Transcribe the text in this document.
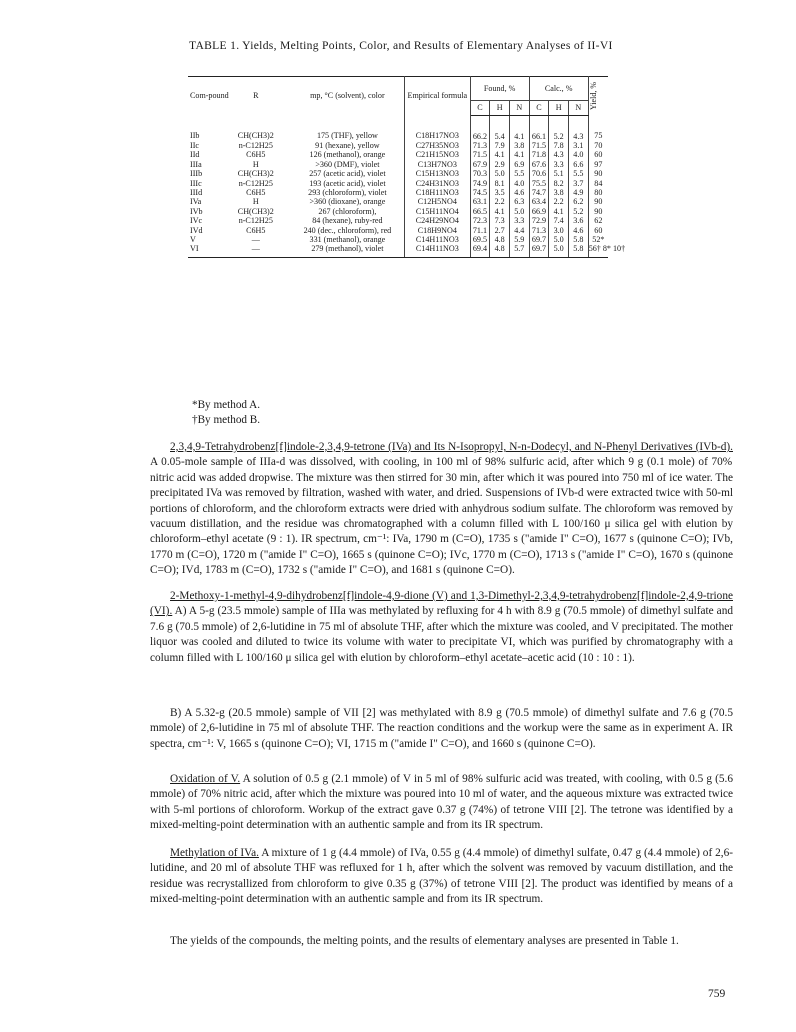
TABLE 1. Yields, Melting Points, Color, and Results of Elementary Analyses of II-VI
Com-pound	R	mp, °C (solvent), color	Empirical formula	Found, %			Calc., %			Yield, %

				C	H	N	C	H	N	
IIb	CH(CH3)2	175 (THF), yellow	C18H17NO3	66.2	5.4	4.1	66.1	5.2	4.3	75
IIc	n-C12H25	91 (hexane), yellow	C27H35NO3	71.3	7.9	3.8	71.5	7.8	3.1	70
IId	C6H5	126 (methanol), orange	C21H15NO3	71.5	4.1	4.1	71.8	4.3	4.0	60
IIIa	H	>360 (DMF), violet	C13H7NO3	67.9	2.9	6.9	67.6	3.3	6.6	97
IIIb	CH(CH3)2	257 (acetic acid), violet	C15H13NO3	70.3	5.0	5.5	70.6	5.1	5.5	90
IIIc	n-C12H25	193 (acetic acid), violet	C24H31NO3	74.9	8.1	4.0	75.5	8.2	3.7	84
IIId	C6H5	293 (chloroform), violet	C18H11NO3	74.5	3.5	4.6	74.7	3.8	4.9	80
IVa	H	>360 (dioxane), orange	C12H5NO4	63.1	2.2	6.3	63.4	2.2	6.2	90
IVb	CH(CH3)2	267 (chloroform),	C15H11NO4	66.5	4.1	5.0	66.9	4.1	5.2	90
IVc	n-C12H25	84 (hexane), ruby-red	C24H29NO4	72.3	7.3	3.3	72.9	7.4	3.6	62
IVd	C6H5	240 (dec., chloroform), red	C18H9NO4	71.1	2.7	4.4	71.3	3.0	4.6	60
V	—	331 (methanol), orange	C14H11NO3	69.5	4.8	5.9	69.7	5.0	5.8	52*
VI	—	279 (methanol), violet	C14H11NO3	69.4	4.8	5.7	69.7	5.0	5.8	56† 8* 10†
*By method A.
†By method B.

2,3,4,9-Tetrahydrobenz[f]indole-2,3,4,9-tetrone (IVa) and Its N-Isopropyl, N-n-Dodecyl, and N-Phenyl Derivatives (IVb-d). A 0.05-mole sample of IIIa-d was dissolved, with cooling, in 100 ml of 98% sulfuric acid, after which 9 g (0.1 mole) of 70% nitric acid was added dropwise. The mixture was then stirred for 30 min, after which it was poured into 750 ml of ice water. The precipitated IVa was removed by filtration, washed with water, and dried. Suspensions of IVb-d were extracted twice with 50-ml portions of chloroform, and the chloroform extracts were dried with anhydrous sodium sulfate. The chloroform was removed by vacuum distillation, and the residue was chromatographed with a column filled with L 100/160 μ silica gel with elution by chloroform–ethyl acetate (9 : 1). IR spectrum, cm⁻¹: IVa, 1790 m (C=O), 1735 s ("amide I" C=O), 1677 s (quinone C=O); IVb, 1770 m (C=O), 1720 m ("amide I" C=O), 1665 s (quinone C=O); IVc, 1770 m (C=O), 1713 s ("amide I" C=O), 1670 s (quinone C=O); IVd, 1783 m (C=O), 1732 s ("amide I" C=O), and 1681 s (quinone C=O).

2-Methoxy-1-methyl-4,9-dihydrobenz[f]indole-4,9-dione (V) and 1,3-Dimethyl-2,3,4,9-tetrahydrobenz[f]indole-2,4,9-trione (VI). A) A 5-g (23.5 mmole) sample of IIIa was methylated by refluxing for 4 h with 8.9 g (70.5 mmole) of dimethyl sulfate and 7.6 g (70.5 mmole) of 2,6-lutidine in 75 ml of absolute THF, after which the mixture was cooled, and V precipitated. The mother liquor was cooled and diluted to twice its volume with water to precipitate VI, which was purified by chromatography with a column filled with L 100/160 μ silica gel with elution by chloroform–ethyl acetate–acetic acid (10 : 10 : 1).

B) A 5.32-g (20.5 mmole) sample of VII [2] was methylated with 8.9 g (70.5 mmole) of dimethyl sulfate and 7.6 g (70.5 mmole) of 2,6-lutidine in 75 ml of absolute THF. The reaction conditions and the workup were the same as in experiment A. IR spectra, cm⁻¹: V, 1665 s (quinone C=O); VI, 1715 m ("amide I" C=O), and 1660 s (quinone C=O).

Oxidation of V. A solution of 0.5 g (2.1 mmole) of V in 5 ml of 98% sulfuric acid was treated, with cooling, with 0.5 g (5.6 mmole) of 70% nitric acid, after which the mixture was poured into 10 ml of water, and the aqueous mixture was extracted twice with 5-ml portions of chloroform. Workup of the extract gave 0.37 g (74%) of tetrone VIII [2]. The tetrone was identified by a mixed-melting-point determination with an authentic sample and from its IR spectrum.

Methylation of IVa. A mixture of 1 g (4.4 mmole) of IVa, 0.55 g (4.4 mmole) of dimethyl sulfate, 0.47 g (4.4 mmole) of 2,6-lutidine, and 20 ml of absolute THF was refluxed for 1 h, after which the solvent was removed by vacuum distillation, and the residue was recrystallized from chloroform to give 0.35 g (37%) of tetrone VIII [2]. The product was identified by means of a mixed-melting-point determination with an authentic sample and from its IR spectrum.

The yields of the compounds, the melting points, and the results of elementary analyses are presented in Table 1.

759
